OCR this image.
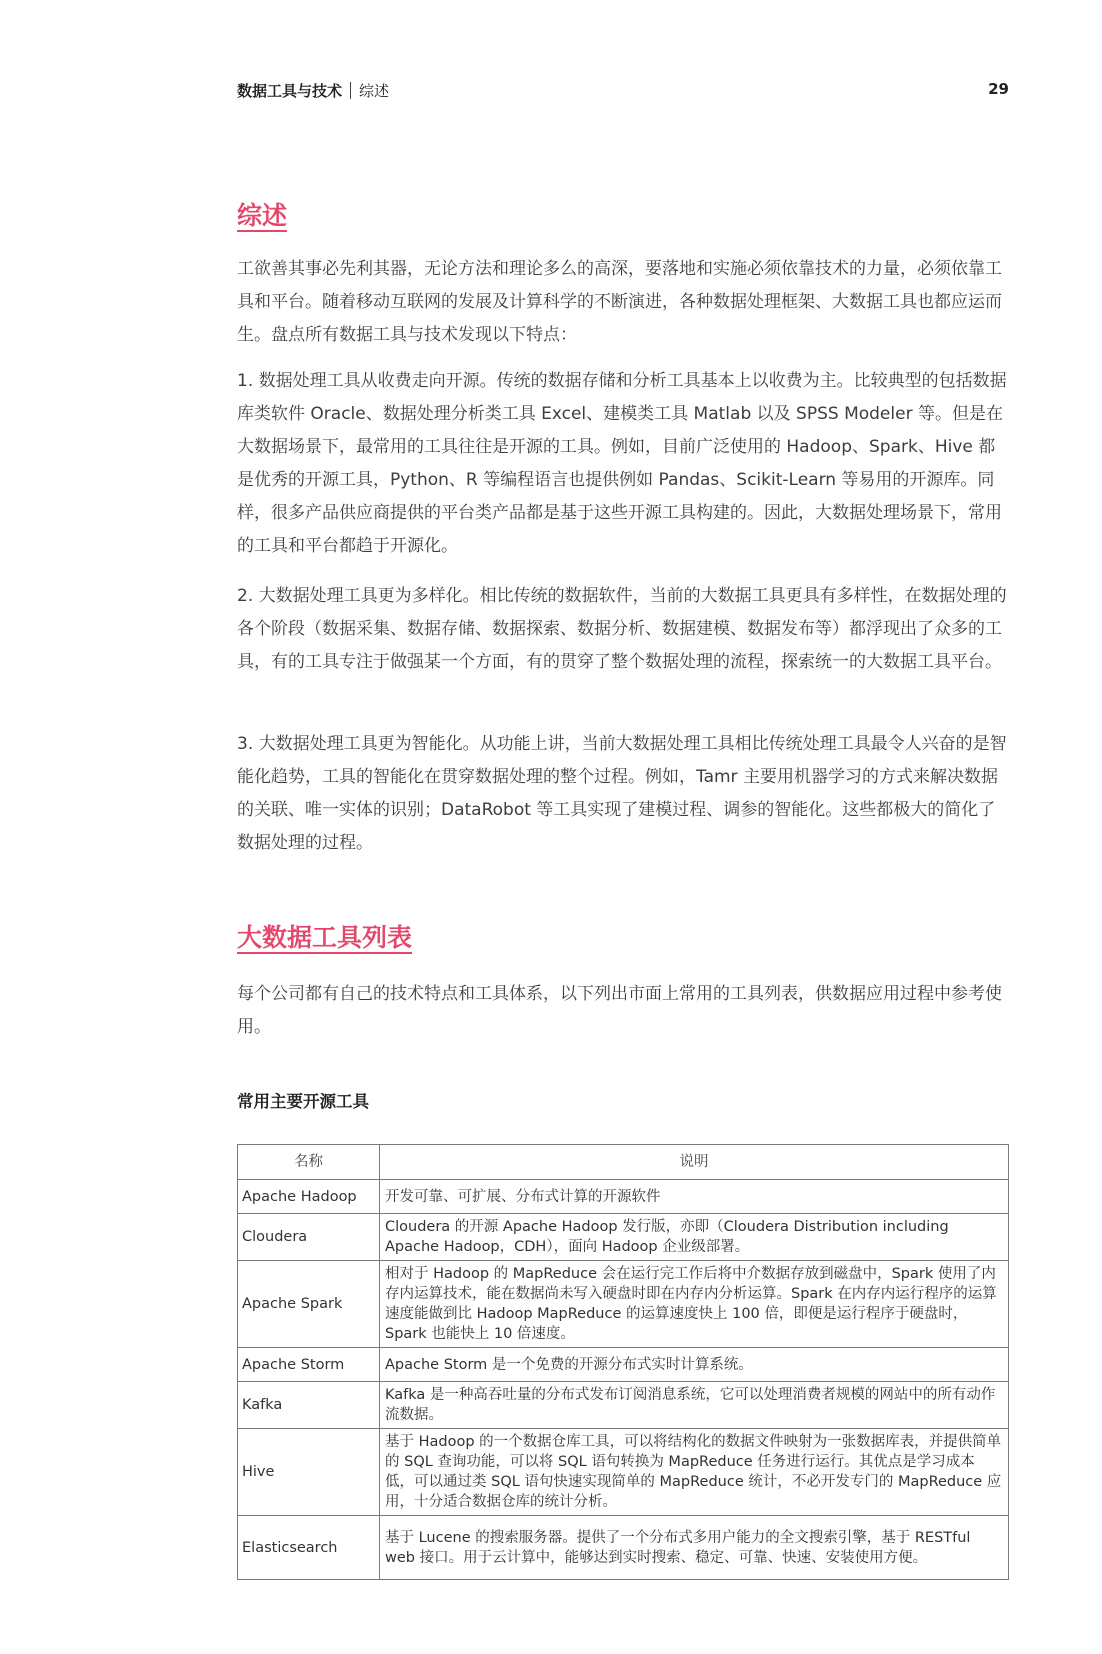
数据工具与技术 综述	29
综述

工欲善其事必先利其器，无论方法和理论多么的高深，要落地和实施必须依靠技术的力量，必须依靠工具和平台。随着移动互联网的发展及计算科学的不断演进，各种数据处理框架、大数据工具也都应运而生。盘点所有数据工具与技术发现以下特点：

1. 数据处理工具从收费走向开源。传统的数据存储和分析工具基本上以收费为主。比较典型的包括数据库类软件 Oracle、数据处理分析类工具 Excel、建模类工具 Matlab 以及 SPSS Modeler 等。但是在大数据场景下，最常用的工具往往是开源的工具。例如，目前广泛使用的 Hadoop、Spark、Hive 都是优秀的开源工具，Python、R 等编程语言也提供例如 Pandas、Scikit-Learn 等易用的开源库。同样，很多产品供应商提供的平台类产品都是基于这些开源工具构建的。因此，大数据处理场景下，常用的工具和平台都趋于开源化。

2. 大数据处理工具更为多样化。相比传统的数据软件，当前的大数据工具更具有多样性，在数据处理的各个阶段（数据采集、数据存储、数据探索、数据分析、数据建模、数据发布等）都浮现出了众多的工具，有的工具专注于做强某一个方面，有的贯穿了整个数据处理的流程，探索统一的大数据工具平台。

3. 大数据处理工具更为智能化。从功能上讲，当前大数据处理工具相比传统处理工具最令人兴奋的是智能化趋势，工具的智能化在贯穿数据处理的整个过程。例如，Tamr 主要用机器学习的方式来解决数据的关联、唯一实体的识别；DataRobot 等工具实现了建模过程、调参的智能化。这些都极大的简化了数据处理的过程。

大数据工具列表

每个公司都有自己的技术特点和工具体系，以下列出市面上常用的工具列表，供数据应用过程中参考使用。

常用主要开源工具
名称	说明
Apache Hadoop	开发可靠、可扩展、分布式计算的开源软件
Cloudera	Cloudera 的开源 Apache Hadoop 发行版，亦即（Cloudera Distribution including Apache Hadoop，CDH），面向 Hadoop 企业级部署。
Apache Spark	相对于 Hadoop 的 MapReduce 会在运行完工作后将中介数据存放到磁盘中，Spark 使用了内存内运算技术，能在数据尚未写入硬盘时即在内存内分析运算。Spark 在内存内运行程序的运算速度能做到比 Hadoop MapReduce 的运算速度快上 100 倍，即便是运行程序于硬盘时，Spark 也能快上 10 倍速度。
Apache Storm	Apache Storm 是一个免费的开源分布式实时计算系统。
Kafka	Kafka 是一种高吞吐量的分布式发布订阅消息系统，它可以处理消费者规模的网站中的所有动作流数据。
Hive	基于 Hadoop 的一个数据仓库工具，可以将结构化的数据文件映射为一张数据库表，并提供简单的 SQL 查询功能，可以将 SQL 语句转换为 MapReduce 任务进行运行。其优点是学习成本低，可以通过类 SQL 语句快速实现简单的 MapReduce 统计，不必开发专门的 MapReduce 应用，十分适合数据仓库的统计分析。
Elasticsearch	基于 Lucene 的搜索服务器。提供了一个分布式多用户能力的全文搜索引擎，基于 RESTful web 接口。用于云计算中，能够达到实时搜索、稳定、可靠、快速、安装使用方便。
